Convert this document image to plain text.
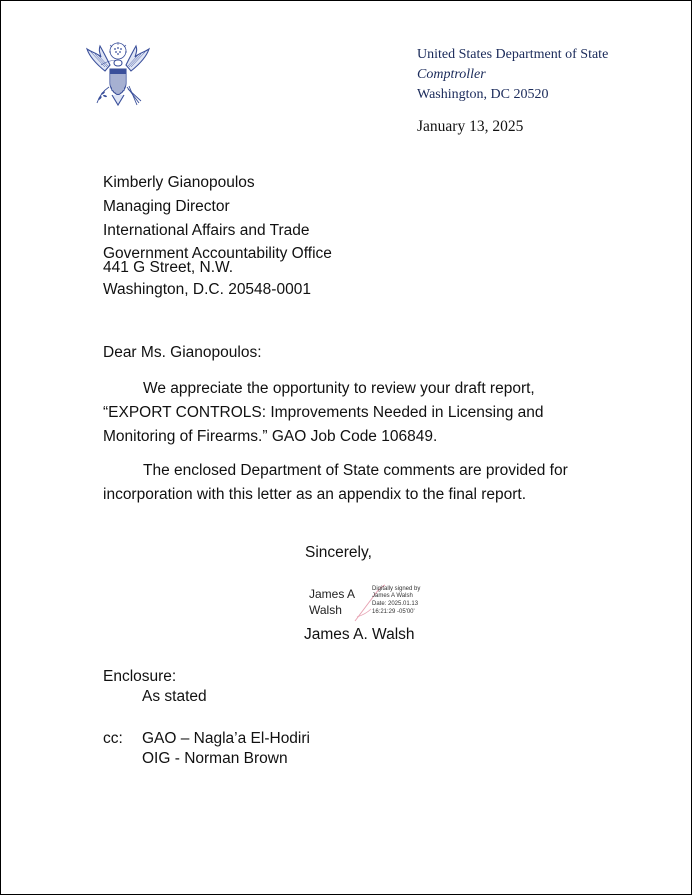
United States Department of State
Comptroller
Washington, DC 20520
January 13, 2025
Kimberly Gianopoulos
Managing Director
International Affairs and Trade
Government Accountability Office
441 G Street, N.W.
Washington, D.C. 20548-0001
Dear Ms. Gianopoulos:
We appreciate the opportunity to review your draft report, “EXPORT CONTROLS: Improvements Needed in Licensing and Monitoring of Firearms.” GAO Job Code 106849.
The enclosed Department of State comments are provided for incorporation with this letter as an appendix to the final report.
Sincerely,
James A
Walsh
Digitally signed by
James A Walsh
Date: 2025.01.13
16:21:29 -05'00'
James A. Walsh
Enclosure:
As stated
cc: GAO – Nagla’a El-Hodiri
OIG - Norman Brown
